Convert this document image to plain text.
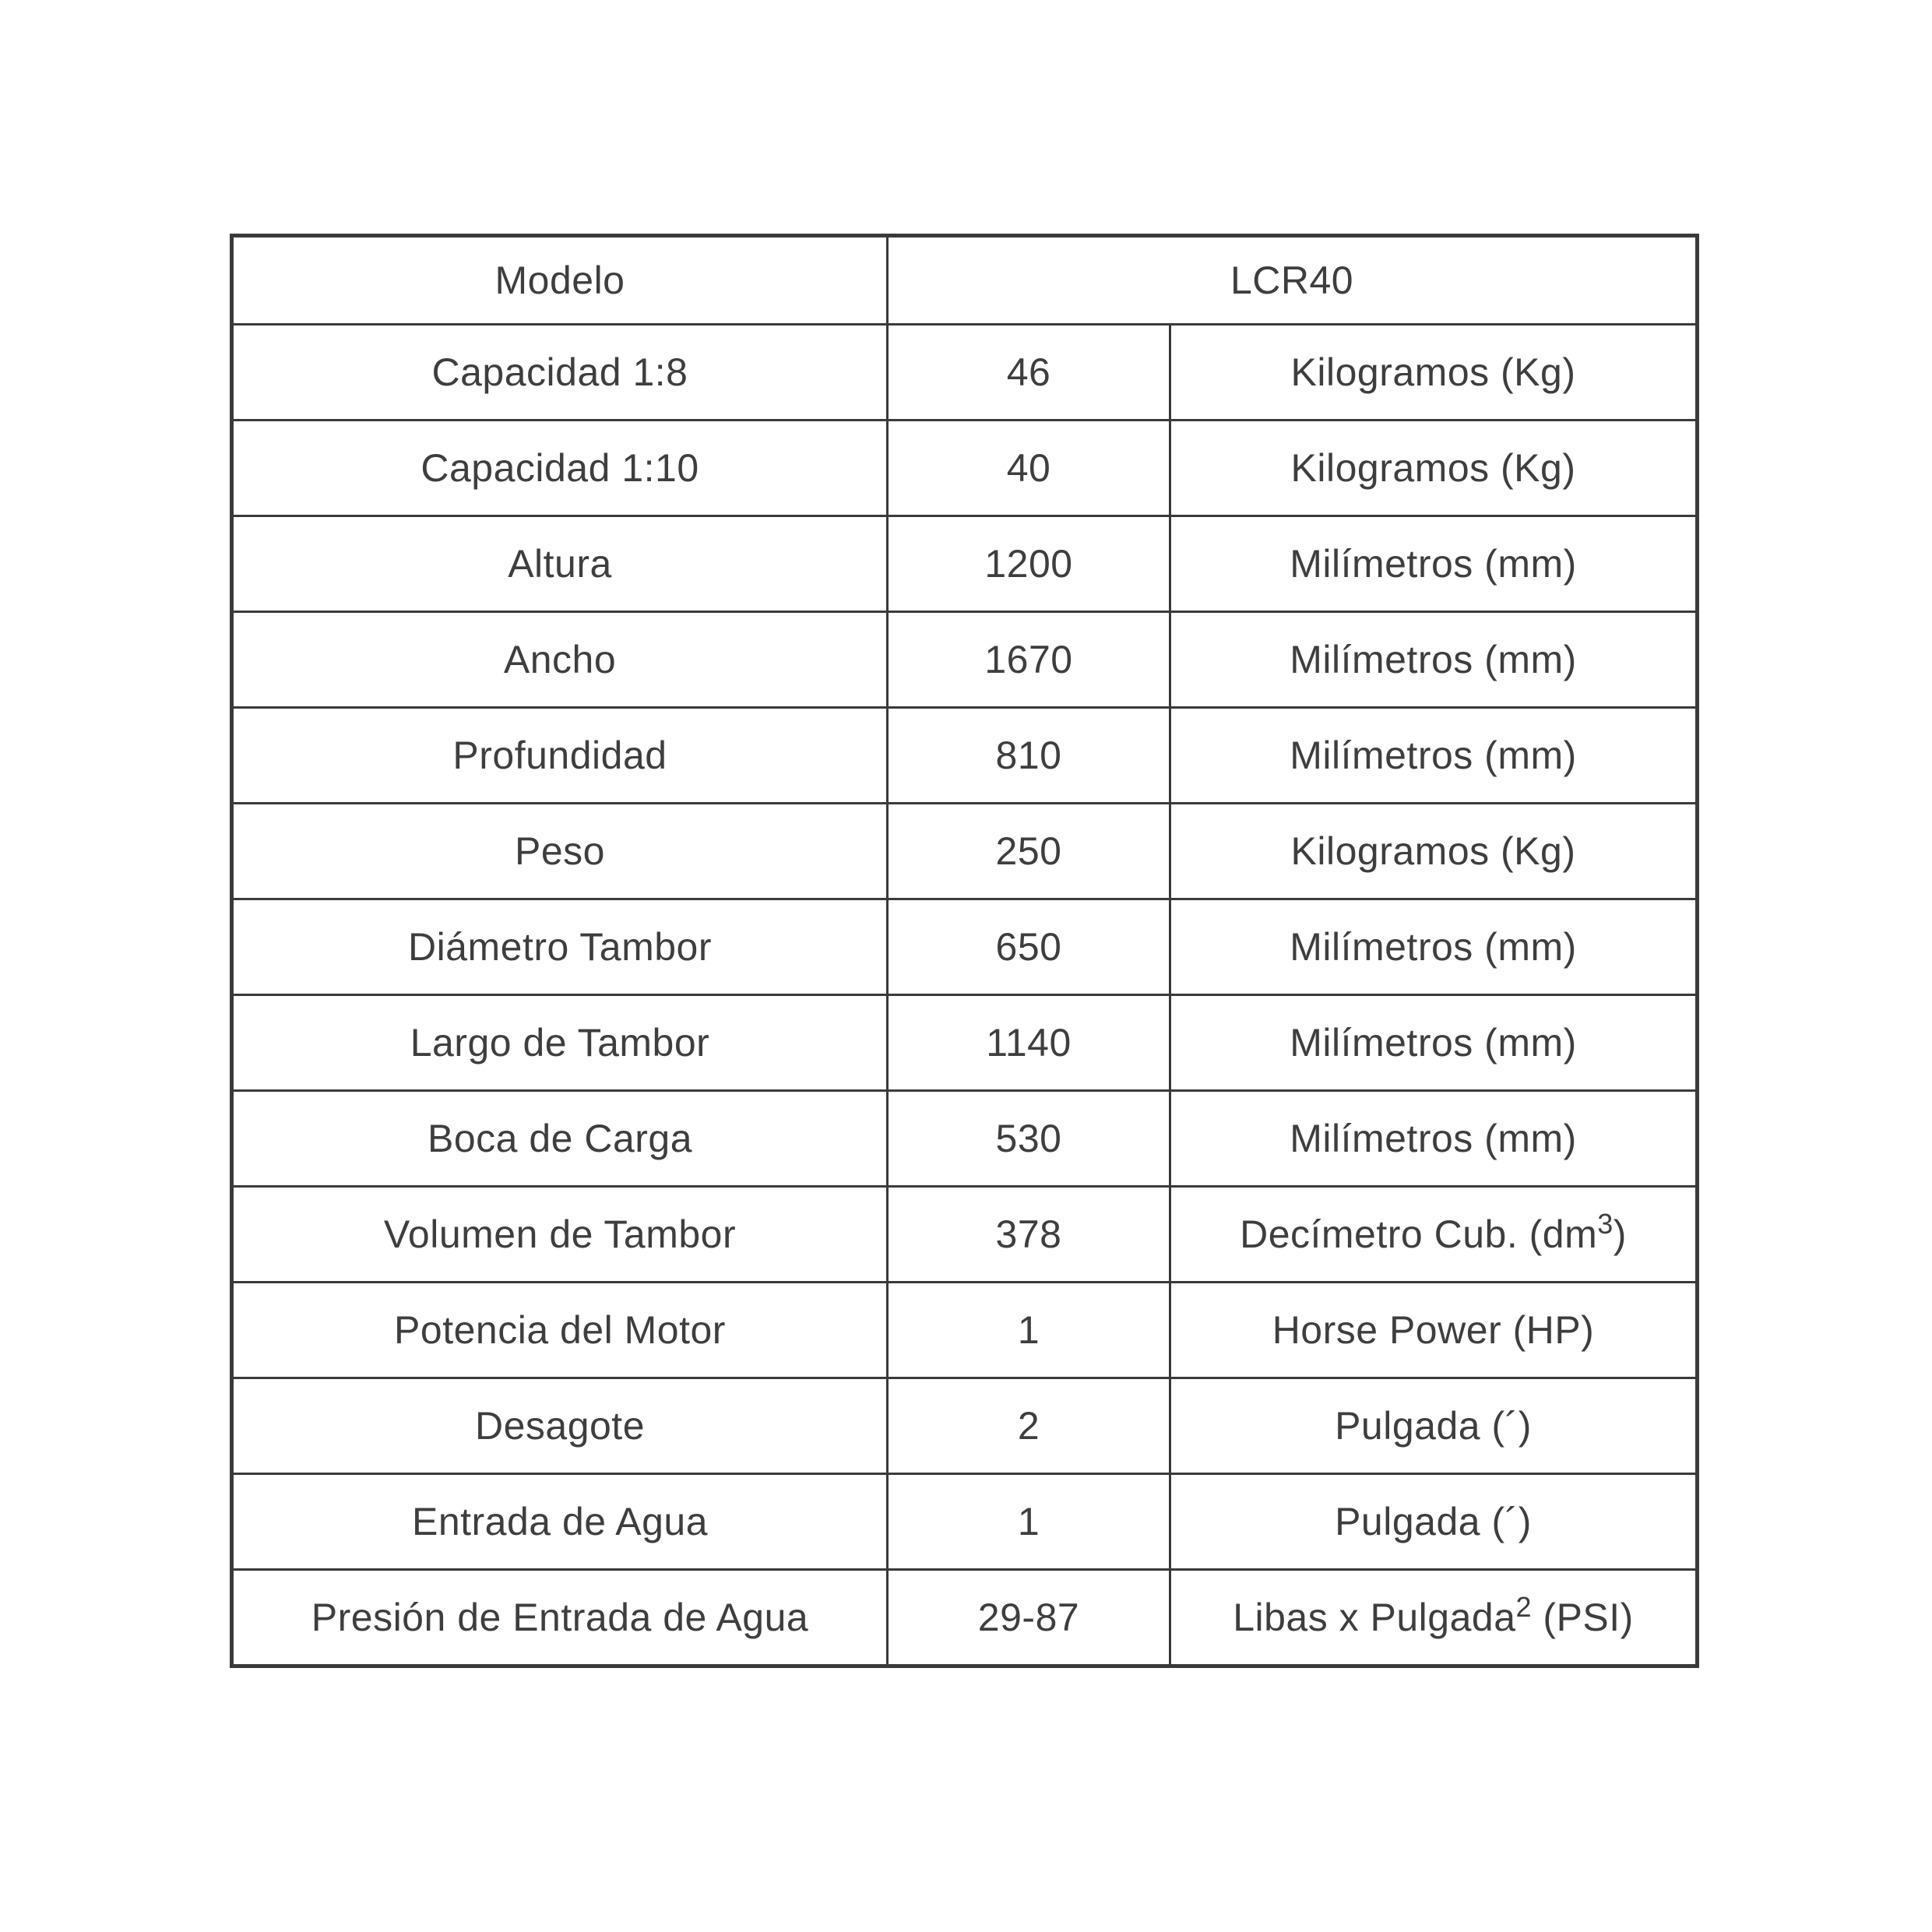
Modelo	LCR40	
Capacidad 1:8	46	Kilogramos (Kg)
Capacidad 1:10	40	Kilogramos (Kg)
Altura	1200	Milímetros (mm)
Ancho	1670	Milímetros (mm)
Profundidad	810	Milímetros (mm)
Peso	250	Kilogramos (Kg)
Diámetro Tambor	650	Milímetros (mm)
Largo de Tambor	1140	Milímetros (mm)
Boca de Carga	530	Milímetros (mm)
Volumen de Tambor	378	Decímetro Cub. $(dm^3)$
Potencia del Motor	1	Horse Power (HP)
Desagote	2	Pulgada (´)
Entrada de Agua	1	Pulgada (´)
Presión de Entrada de Agua	29-87	Libas x Pulgada$^2$ (PSI)
